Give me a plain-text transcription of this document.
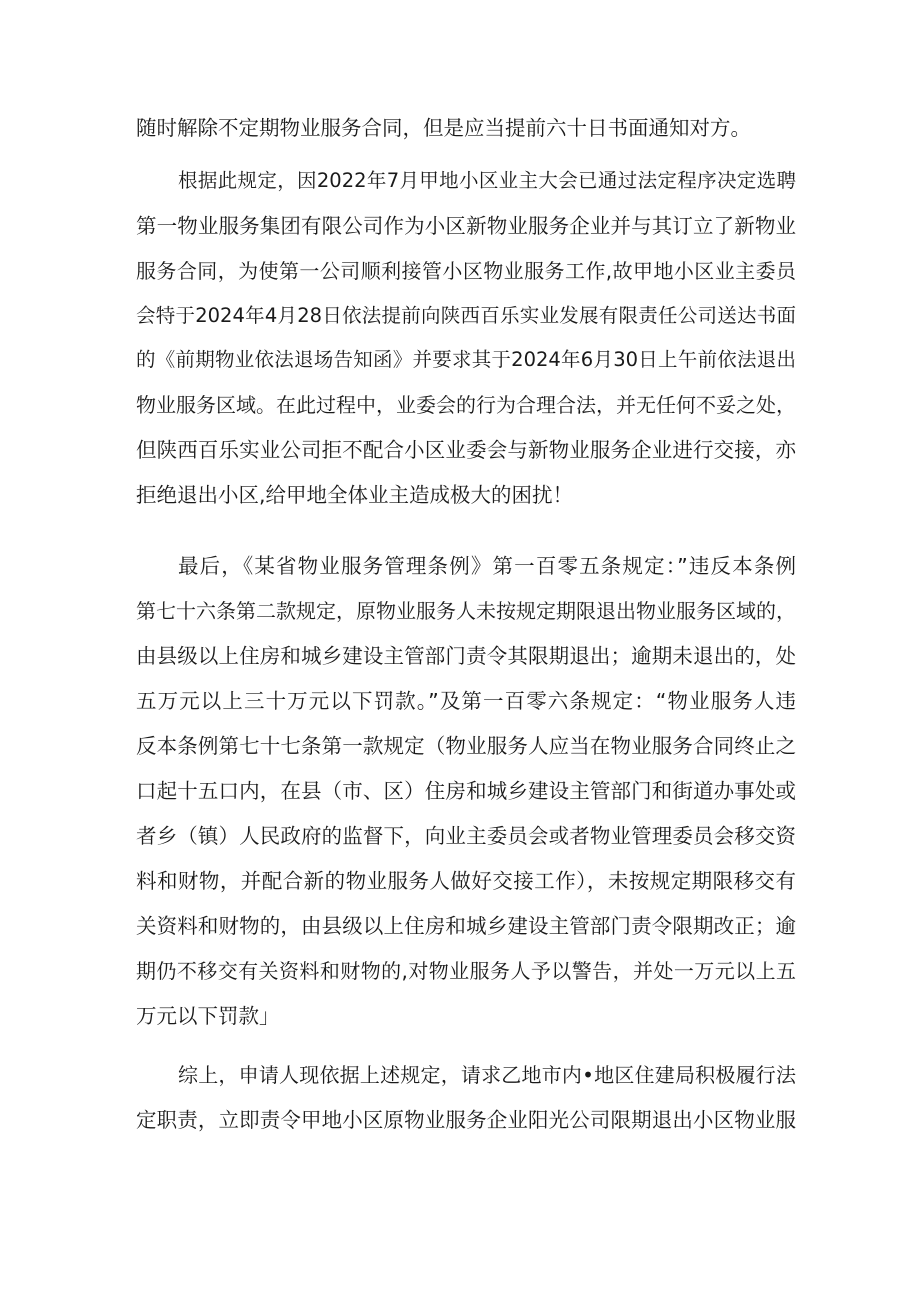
随时解除不定期物业服务合同，但是应当提前六十日书面通知对方。
根据此规定，因2022年7月甲地小区业主大会已通过法定程序决定选聘
第一物业服务集团有限公司作为小区新物业服务企业并与其订立了新物业
服务合同，为使第一公司顺利接管小区物业服务工作,故甲地小区业主委员
会特于2024年4月28日依法提前向陕西百乐实业发展有限责任公司送达书面
的《前期物业依法退场告知函》并要求其于2024年6月30日上午前依法退出
物业服务区域。在此过程中，业委会的行为合理合法，并无任何不妥之处，
但陕西百乐实业公司拒不配合小区业委会与新物业服务企业进行交接，亦
拒绝退出小区,给甲地全体业主造成极大的困扰！
最后，《某省物业服务管理条例》第一百零五条规定：”违反本条例
第七十六条第二款规定，原物业服务人未按规定期限退出物业服务区域的，
由县级以上住房和城乡建设主管部门责令其限期退出；逾期未退出的，处
五万元以上三十万元以下罚款。”及第一百零六条规定：“物业服务人违
反本条例第七十七条第一款规定（物业服务人应当在物业服务合同终止之
口起十五口内，在县（市、区）住房和城乡建设主管部门和街道办事处或
者乡（镇）人民政府的监督下，向业主委员会或者物业管理委员会移交资
料和财物，并配合新的物业服务人做好交接工作），未按规定期限移交有
关资料和财物的，由县级以上住房和城乡建设主管部门责令限期改正；逾
期仍不移交有关资料和财物的,对物业服务人予以警告，并处一万元以上五
万元以下罚款」
综上，申请人现依据上述规定，请求乙地市内•地区住建局积极履行法
定职责，立即责令甲地小区原物业服务企业阳光公司限期退出小区物业服
